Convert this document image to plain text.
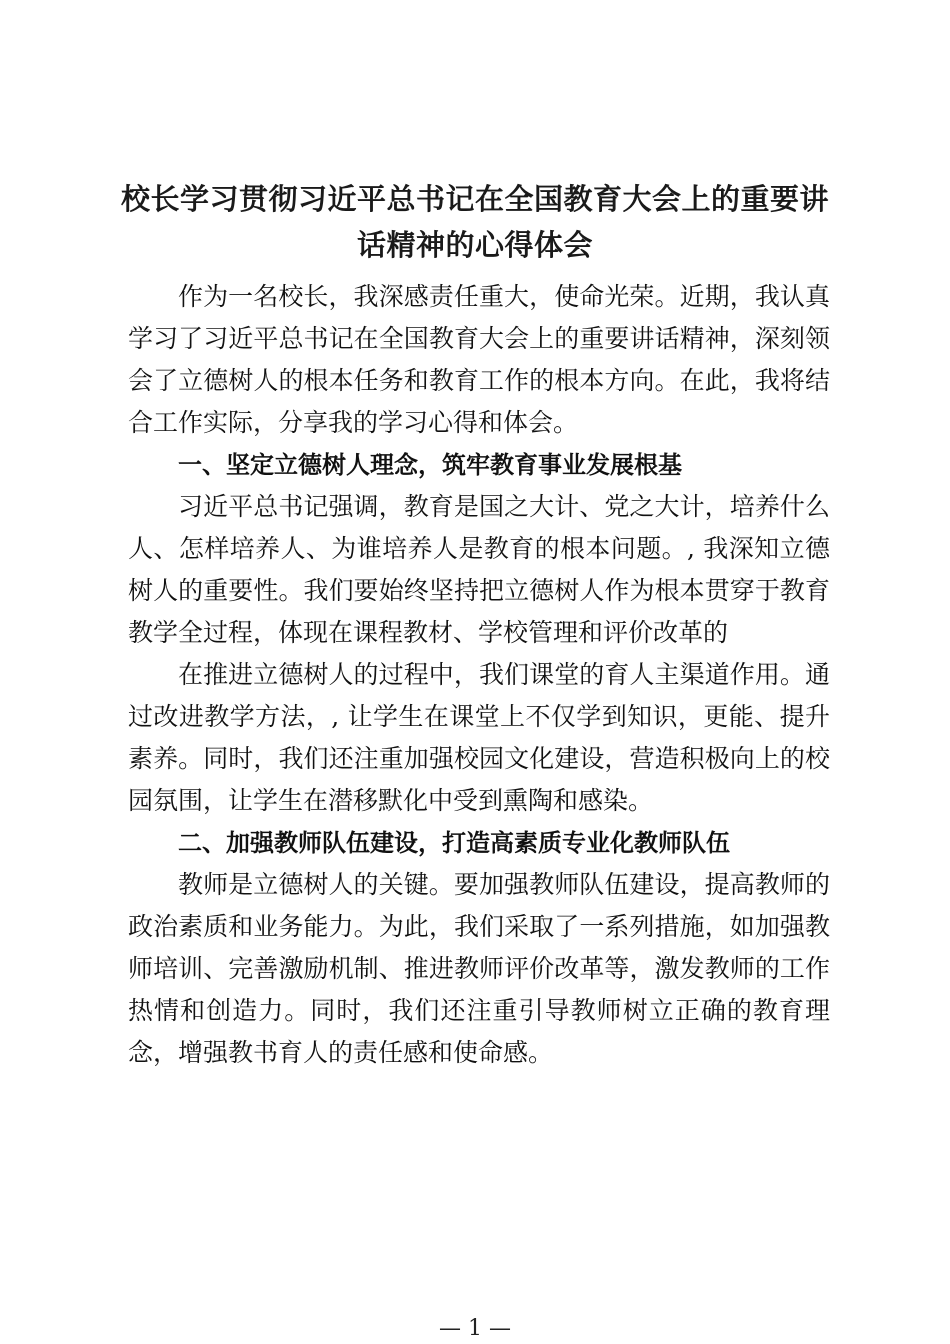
校长学习贯彻习近平总书记在全国教育大会上的重要讲话精神的心得体会

作为一名校长，我深感责任重大，使命光荣。近期，我认真学习了习近平总书记在全国教育大会上的重要讲话精神，深刻领会了立德树人的根本任务和教育工作的根本方向。在此，我将结合工作实际，分享我的学习心得和体会。

一、坚定立德树人理念，筑牢教育事业发展根基

习近平总书记强调，教育是国之大计、党之大计，培养什么人、怎样培养人、为谁培养人是教育的根本问题。, 我深知立德树人的重要性。我们要始终坚持把立德树人作为根本贯穿于教育教学全过程，体现在课程教材、学校管理和评价改革的

在推进立德树人的过程中，我们课堂的育人主渠道作用。通过改进教学方法，, 让学生在课堂上不仅学到知识，更能、提升素养。同时，我们还注重加强校园文化建设，营造积极向上的校园氛围，让学生在潜移默化中受到熏陶和感染。

二、加强教师队伍建设，打造高素质专业化教师队伍

教师是立德树人的关键。要加强教师队伍建设，提高教师的政治素质和业务能力。为此，我们采取了一系列措施，如加强教师培训、完善激励机制、推进教师评价改革等，激发教师的工作热情和创造力。同时，我们还注重引导教师树立正确的教育理念，增强教书育人的责任感和使命感。

— 1 —
